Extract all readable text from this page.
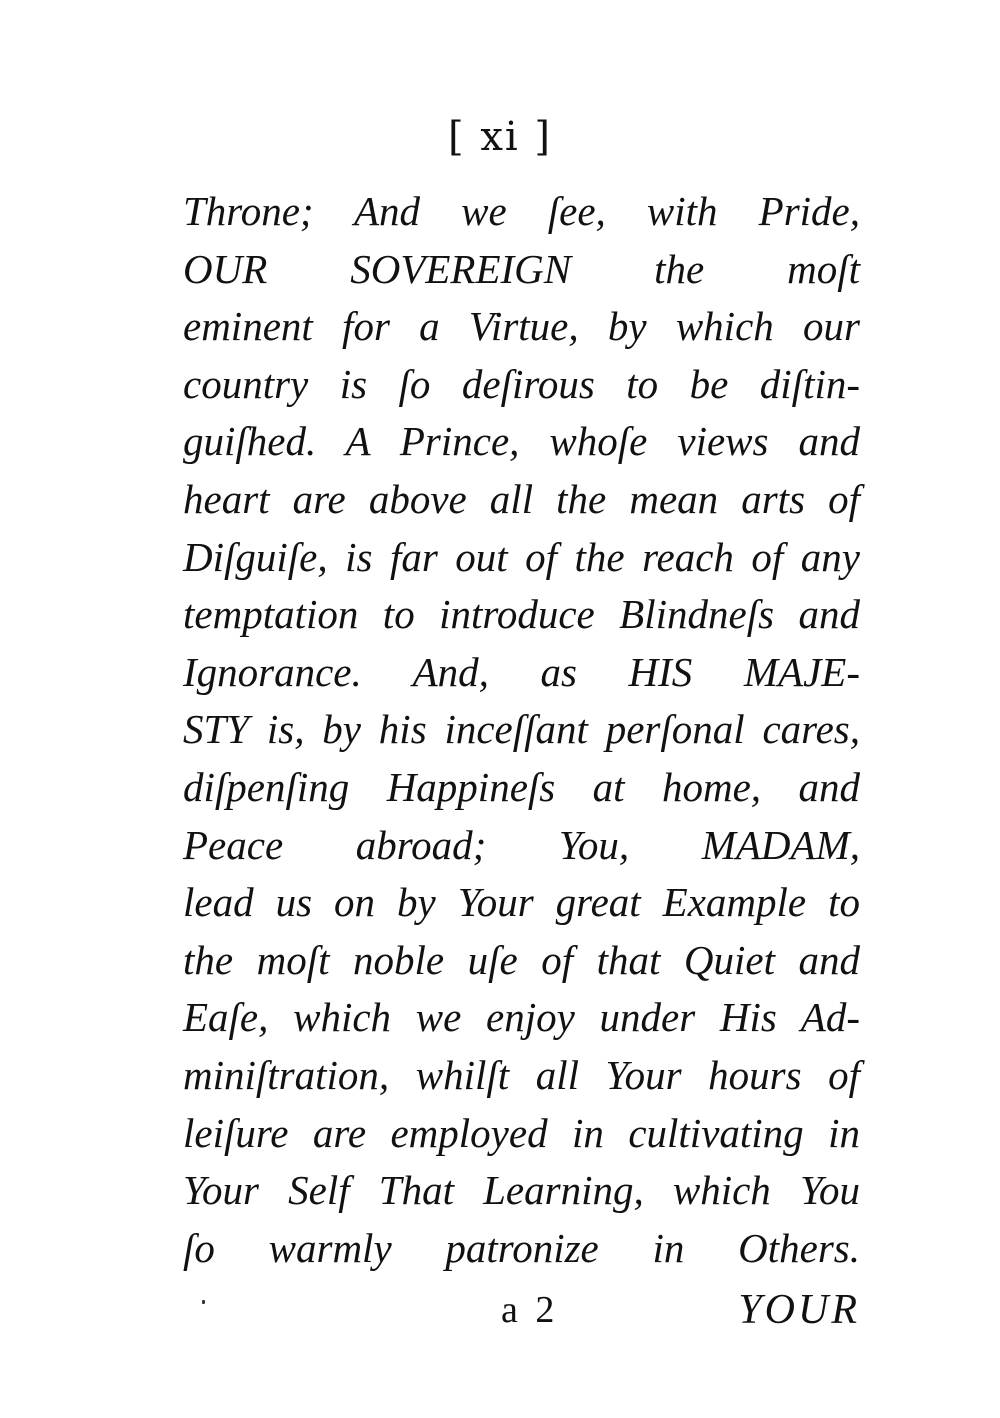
[ xi ]
Throne; And we ſee, with Pride,
OUR SOVEREIGN the moſt
eminent for a Virtue, by which our
country is ſo deſirous to be diſtin-
guiſhed. A Prince, whoſe views and
heart are above all the mean arts of
Diſguiſe, is far out of the reach of any
temptation to introduce Blindneſs and
Ignorance. And, as HIS MAJE-
STY is, by his inceſſant perſonal cares,
diſpenſing Happineſs at home, and
Peace abroad; You, MADAM,
lead us on by Your great Example to
the moſt noble uſe of that Quiet and
Eaſe, which we enjoy under His Ad-
miniſtration, whilſt all Your hours of
leiſure are employed in cultivating in
Your Self That Learning, which You
ſo warmly patronize in Others.
a 2	YOUR
